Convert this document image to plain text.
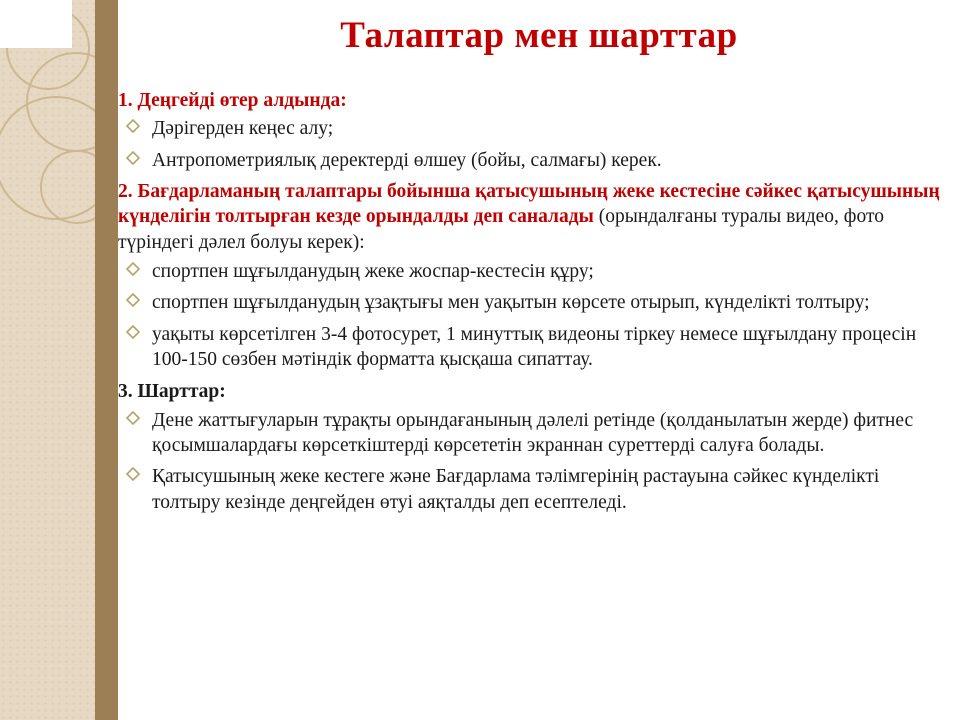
Талаптар мен шарттар
1. Деңгейді өтер алдында:
Дәрігерден кеңес алу;
Антропометриялық деректерді өлшеу (бойы, салмағы) керек.

2. Бағдарламаның талаптары бойынша қатысушының жеке кестесіне сәйкес қатысушының күнделігін толтырған кезде орындалды деп саналады (орындалғаны туралы видео, фото түріндегі дәлел болуы керек):

спортпен шұғылданудың жеке жоспар-кестесін құру;
спортпен шұғылданудың ұзақтығы мен уақытын көрсете отырып, күнделікті толтыру;
уақыты көрсетілген 3-4 фотосурет, 1 минуттық видеоны тіркеу немесе шұғылдану процесін 100-150 сөзбен мәтіндік форматта қысқаша сипаттау.
3. Шарттар:
Дене жаттығуларын тұрақты орындағанының дәлелі ретінде (қолданылатын жерде) фитнес қосымшалардағы көрсеткіштерді көрсететін экраннан суреттерді салуға болады.
Қатысушының жеке кестеге және Бағдарлама тәлімгерінің растауына сәйкес күнделікті толтыру кезінде деңгейден өтуі аяқталды деп есептеледі.
